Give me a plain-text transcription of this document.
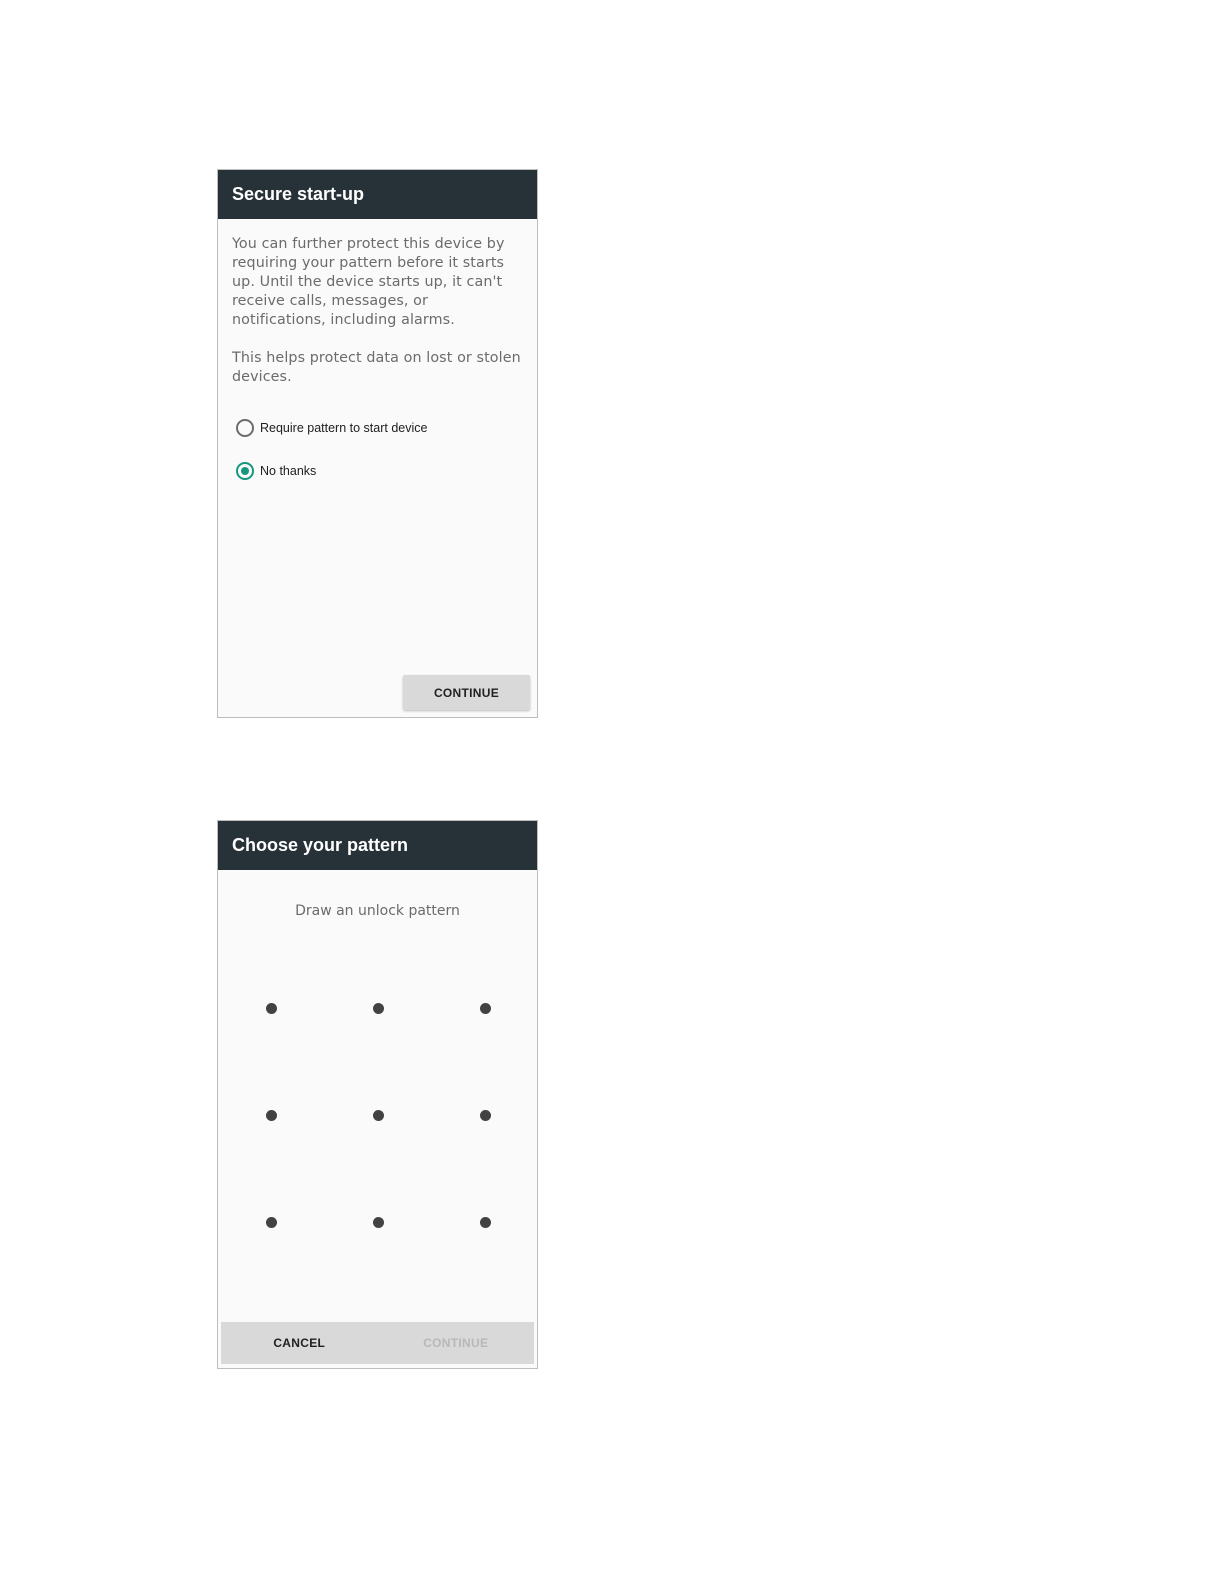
Secure start-up

You can further protect this device by requiring your pattern before it starts up. Until the device starts up, it can't receive calls, messages, or notifications, including alarms.

This helps protect data on lost or stolen devices.

Require pattern to start device
No thanks
CONTINUE
Choose your pattern
Draw an unlock pattern
CANCEL	CONTINUE
